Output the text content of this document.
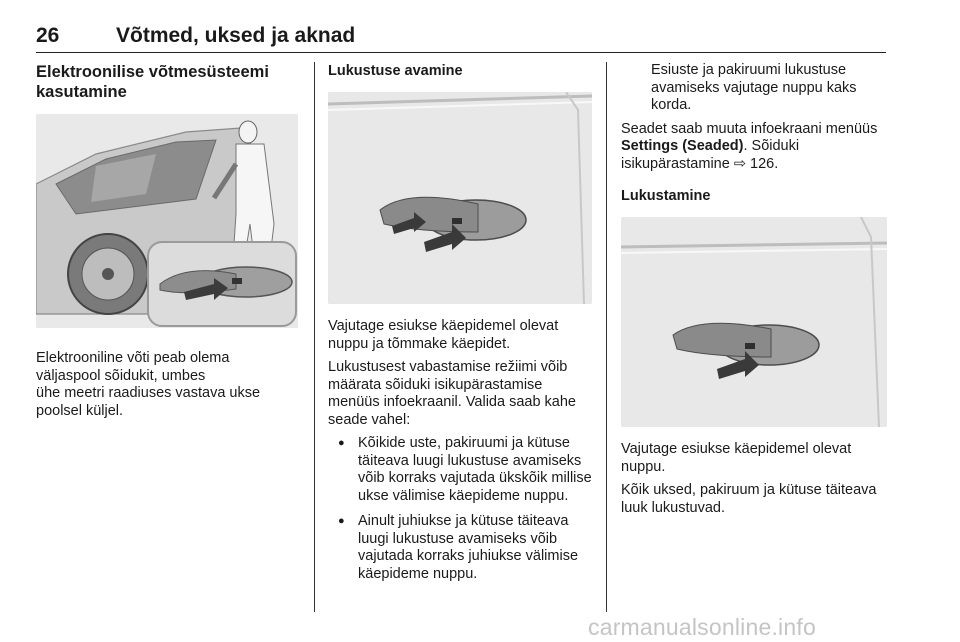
26	Võtmed, uksed ja aknad
Elektroonilise võtmesüsteemi kasutamine

Elektrooniline võti peab olema

väljaspool sõidukit, umbes

ühe meetri raadiuses vastava ukse

poolsel küljel.

Lukustuse avamine

Vajutage esiukse käepidemel olevat nuppu ja tõmmake käepidet.

Lukustusest vabastamise režiimi võib määrata sõiduki isikupärastamise menüüs infoekraanil. Valida saab kahe seade vahel:

● Kõikide uste, pakiruumi ja kütuse täiteava luugi lukustuse avamiseks võib korraks vajutada ükskõik millise ukse välimise käepideme nuppu.
● Ainult juhiukse ja kütuse täiteava luugi lukustuse avamiseks võib vajutada korraks juhiukse välimise käepideme nuppu.

Esiuste ja pakiruumi lukustuse avamiseks vajutage nuppu kaks korda.

Seadet saab muuta infoekraani menüüs Settings (Seaded). Sõiduki isikupärastamine ⇨ 126.

Lukustamine

Vajutage esiukse käepidemel olevat nuppu.

Kõik uksed, pakiruum ja kütuse täiteava luuk lukustuvad.

carmanualsonline.info
